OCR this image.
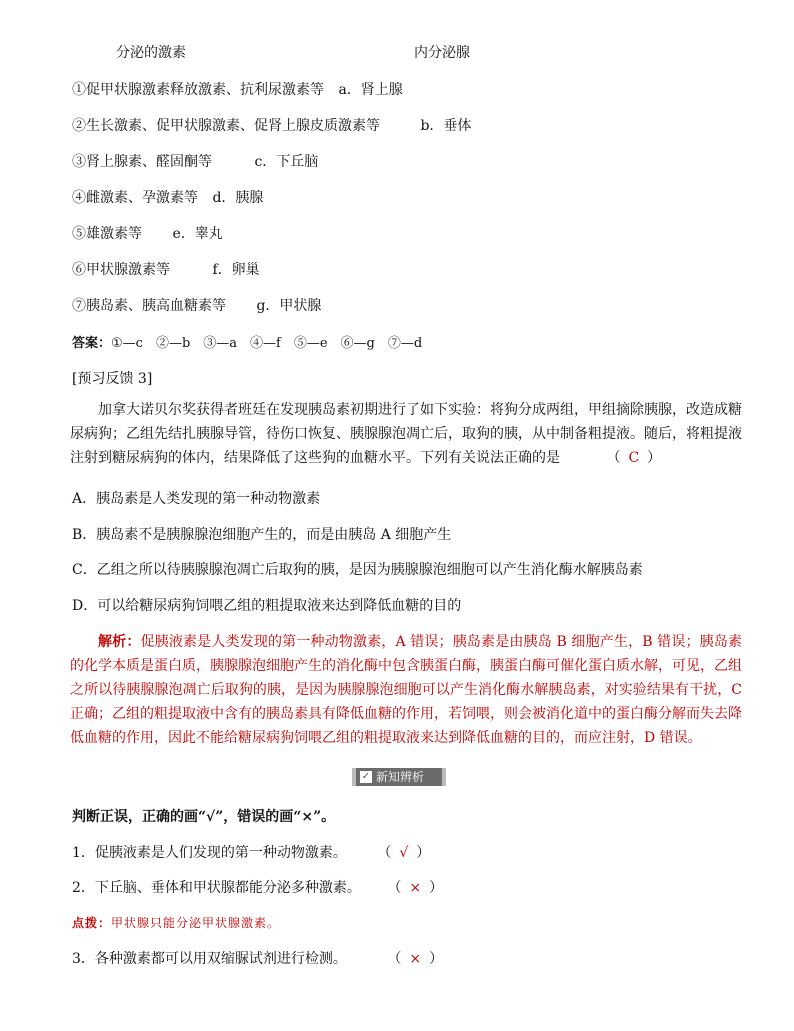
分泌的激素	内分泌腺
①促甲状腺激素释放激素、抗利尿激素等 a．肾上腺
②生长激素、促甲状腺激素、促肾上腺皮质激素等	b．垂体
③肾上腺素、醛固酮等	c．下丘脑
④雌激素、孕激素等 d．胰腺
⑤雄激素等 e．睾丸
⑥甲状腺激素等	f．卵巢
⑦胰岛素、胰高血糖素等 g．甲状腺
答案：①—c　②—b　③—a　④—f　⑤—e　⑥—g　⑦—d
[预习反馈 3]
加拿大诺贝尔奖获得者班廷在发现胰岛素初期进行了如下实验：将狗分成两组，甲组摘除胰腺，改造成糖尿病狗；乙组先结扎胰腺导管，待伤口恢复、胰腺腺泡凋亡后，取狗的胰，从中制备粗提液。随后，将粗提液注射到糖尿病狗的体内，结果降低了这些狗的血糖水平。下列有关说法正确的是	（ C ）
A．胰岛素是人类发现的第一种动物激素
B．胰岛素不是胰腺腺泡细胞产生的，而是由胰岛 A 细胞产生
C．乙组之所以待胰腺腺泡凋亡后取狗的胰，是因为胰腺腺泡细胞可以产生消化酶水解胰岛素
D．可以给糖尿病狗饲喂乙组的粗提取液来达到降低血糖的目的
解析：促胰液素是人类发现的第一种动物激素，A 错误；胰岛素是由胰岛 B 细胞产生，B 错误；胰岛素的化学本质是蛋白质，胰腺腺泡细胞产生的消化酶中包含胰蛋白酶，胰蛋白酶可催化蛋白质水解，可见，乙组之所以待胰腺腺泡凋亡后取狗的胰，是因为胰腺腺泡细胞可以产生消化酶水解胰岛素，对实验结果有干扰，C 正确；乙组的粗提取液中含有的胰岛素具有降低血糖的作用，若饲喂，则会被消化道中的蛋白酶分解而失去降低血糖的作用，因此不能给糖尿病狗饲喂乙组的粗提取液来达到降低血糖的目的，而应注射，D 错误。
✓ 新知辨析
判断正误，正确的画“√”，错误的画“×”。
1．促胰液素是人们发现的第一种动物激素。 （ √ ）
2．下丘脑、垂体和甲状腺都能分泌多种激素。 （ × ）
点拨：甲状腺只能分泌甲状腺激素。
3．各种激素都可以用双缩脲试剂进行检测。	（ × ）
